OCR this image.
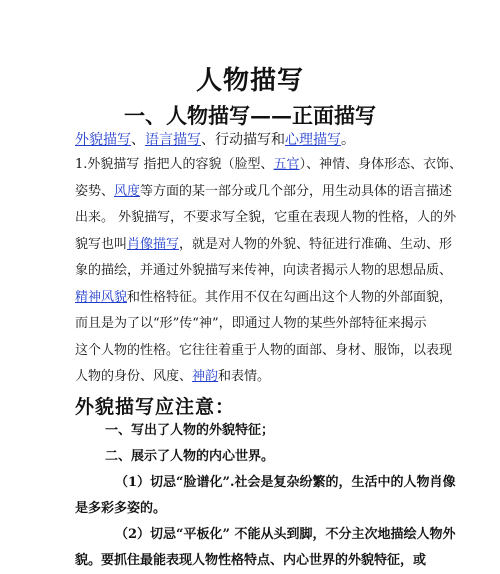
人物描写
一、人物描写——正面描写
外貌描写、语言描写、行动描写和心理描写。
1.外貌描写 指把人的容貌（脸型、五官）、神情、身体形态、衣饰、
姿势、风度等方面的某一部分或几个部分，用生动具体的语言描述
出来。 外貌描写，不要求写全貌，它重在表现人物的性格，人的外
貌写也叫肖像描写，就是对人物的外貌、特征进行准确、生动、形
象的描绘，并通过外貌描写来传神，向读者揭示人物的思想品质、
精神风貌和性格特征。其作用不仅在勾画出这个人物的外部面貌，
而且是为了以“形”传“神”，即通过人物的某些外部特征来揭示
这个人物的性格。它往往着重于人物的面部、身材、服饰，以表现
人物的身份、风度、神韵和表情。
外貌描写应注意：
一、写出了人物的外貌特征；
二、展示了人物的内心世界。
（1）切忌“脸谱化”.社会是复杂纷繁的，生活中的人物肖像
是多彩多姿的。
（2）切忌“平板化” 不能从头到脚，不分主次地描绘人物外
貌。要抓住最能表现人物性格特点、内心世界的外貌特征，或
